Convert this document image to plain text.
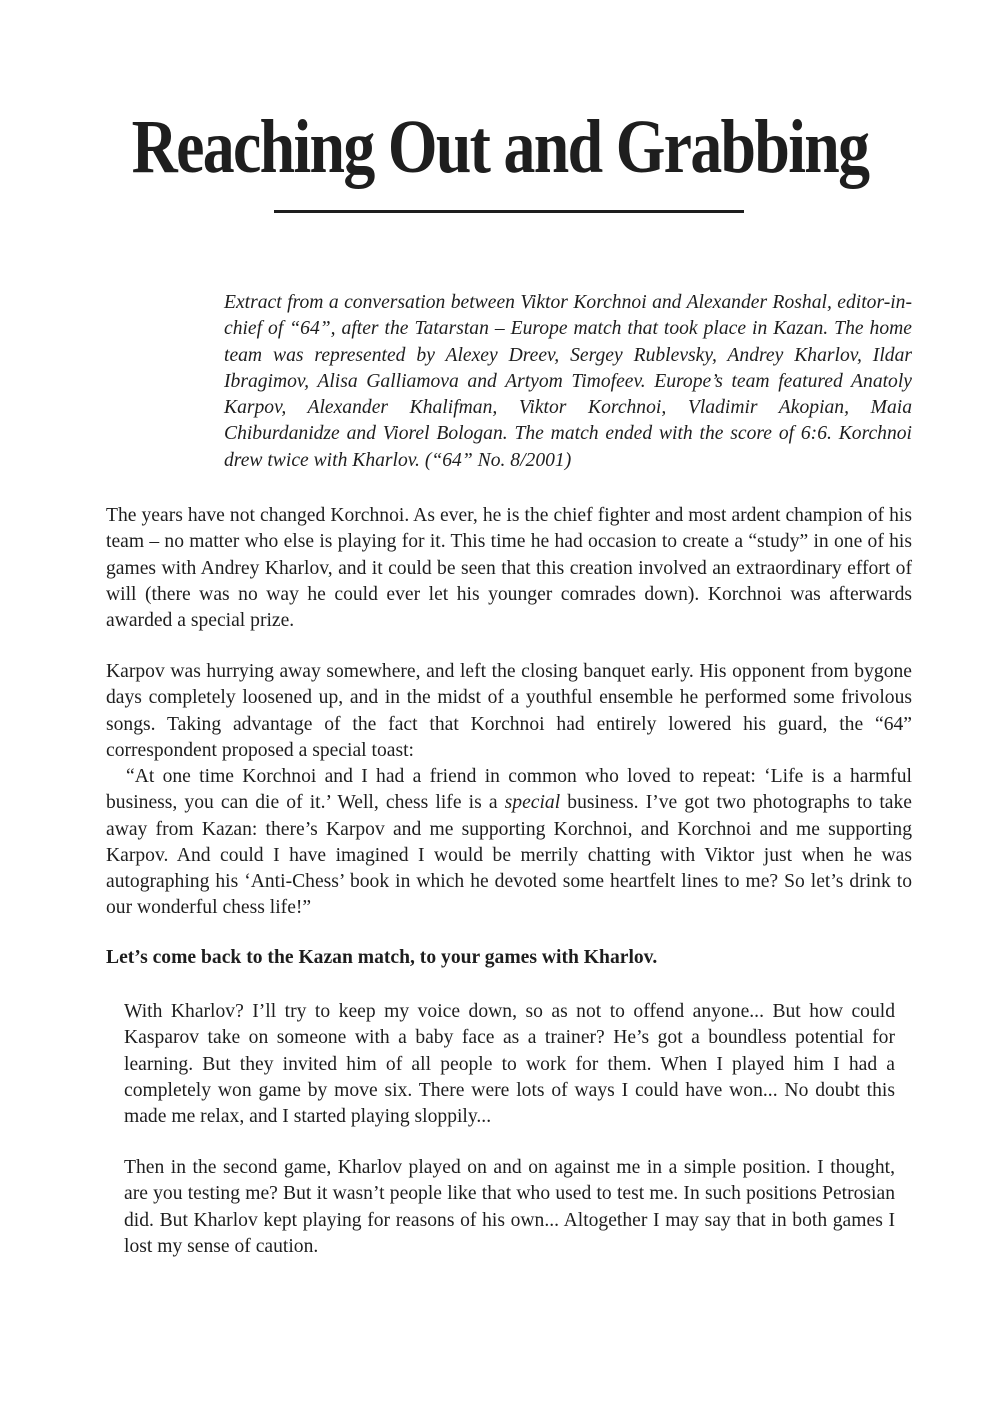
Reaching Out and Grabbing

Extract from a conversation between Viktor Korchnoi and Alexander Roshal, editor-in-chief of “64”, after the Tatarstan – Europe match that took place in Kazan. The home team was represented by Alexey Dreev, Sergey Rublevsky, Andrey Kharlov, Ildar Ibragimov, Alisa Galliamova and Artyom Timofeev. Europe’s team featured Anatoly Karpov, Alexander Khalifman, Viktor Korchnoi, Vladimir Akopian, Maia Chiburdanidze and Viorel Bologan. The match ended with the score of 6:6. Korchnoi drew twice with Kharlov. (“64” No. 8/2001)

The years have not changed Korchnoi. As ever, he is the chief fighter and most ardent champion of his team – no matter who else is playing for it. This time he had occasion to create a “study” in one of his games with Andrey Kharlov, and it could be seen that this creation involved an extraordinary effort of will (there was no way he could ever let his younger comrades down). Korchnoi was afterwards awarded a special prize.

Karpov was hurrying away somewhere, and left the closing banquet early. His opponent from bygone days completely loosened up, and in the midst of a youthful ensemble he performed some frivolous songs. Taking advantage of the fact that Korchnoi had entirely lowered his guard, the “64” correspondent proposed a special toast:

“At one time Korchnoi and I had a friend in common who loved to repeat: ‘Life is a harmful business, you can die of it.’ Well, chess life is a special business. I’ve got two photographs to take away from Kazan: there’s Karpov and me supporting Korchnoi, and Korchnoi and me supporting Karpov. And could I have imagined I would be merrily chatting with Viktor just when he was autographing his ‘Anti-Chess’ book in which he devoted some heartfelt lines to me? So let’s drink to our wonderful chess life!”

Let’s come back to the Kazan match, to your games with Kharlov.

With Kharlov? I’ll try to keep my voice down, so as not to offend anyone... But how could Kasparov take on someone with a baby face as a trainer? He’s got a boundless potential for learning. But they invited him of all people to work for them. When I played him I had a completely won game by move six. There were lots of ways I could have won... No doubt this made me relax, and I started playing sloppily...

Then in the second game, Kharlov played on and on against me in a simple position. I thought, are you testing me? But it wasn’t people like that who used to test me. In such positions Petrosian did. But Kharlov kept playing for reasons of his own... Altogether I may say that in both games I lost my sense of caution.
